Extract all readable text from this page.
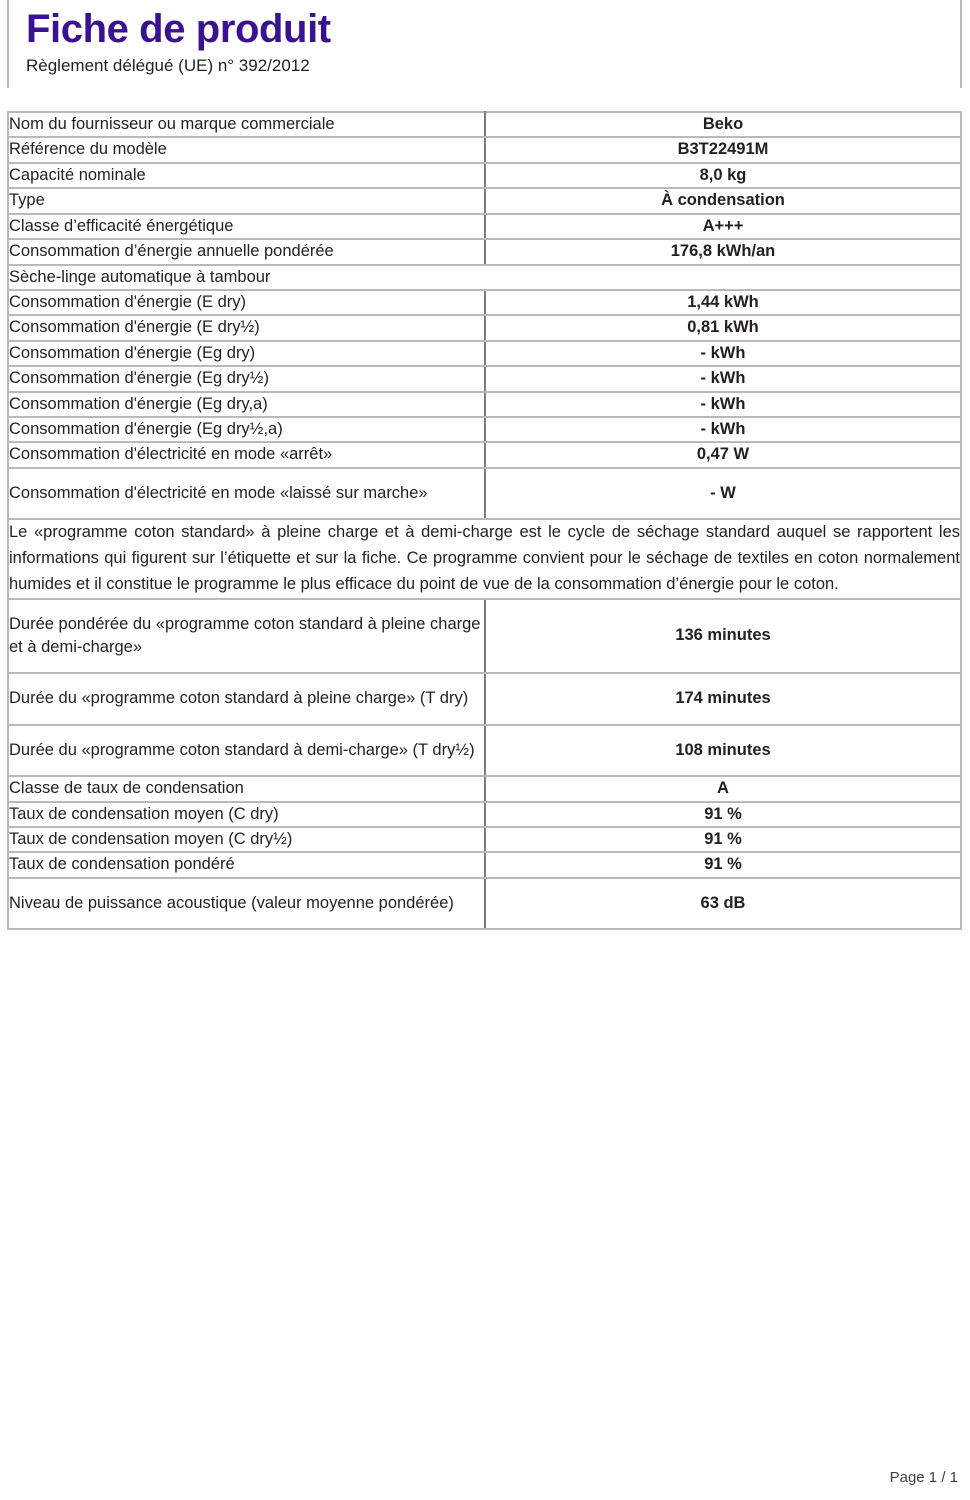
Fiche de produit
Règlement délégué (UE) n° 392/2012
Nom du fournisseur ou marque commerciale	Beko
Référence du modèle	B3T22491M
Capacité nominale	8,0 kg
Type	À condensation
Classe d’efficacité énergétique	A+++
Consommation d’énergie annuelle pondérée	176,8 kWh/an
Sèche-linge automatique à tambour	
Consommation d'énergie (E dry)	1,44 kWh
Consommation d'énergie (E dry½)	0,81 kWh
Consommation d'énergie (Eg dry)	- kWh
Consommation d'énergie (Eg dry½)	- kWh
Consommation d'énergie (Eg dry,a)	- kWh
Consommation d'énergie (Eg dry½,a)	- kWh
Consommation d'électricité en mode «arrêt»	0,47 W
Consommation d'électricité en mode «laissé sur marche»	- W
Le «programme coton standard» à pleine charge et à demi-charge est le cycle de séchage standard auquel se rapportent les informations qui figurent sur l’étiquette et sur la fiche. Ce programme convient pour le séchage de textiles en coton normalement humides et il constitue le programme le plus efficace du point de vue de la consommation d’énergie pour le coton.	
Durée pondérée du «programme coton standard à pleine charge et à demi-charge»	136 minutes
Durée du «programme coton standard à pleine charge» (T dry)	174 minutes
Durée du «programme coton standard à demi-charge» (T dry½)	108 minutes
Classe de taux de condensation	A
Taux de condensation moyen (C dry)	91 %
Taux de condensation moyen (C dry½)	91 %
Taux de condensation pondéré	91 %
Niveau de puissance acoustique (valeur moyenne pondérée)	63 dB
Page 1 / 1
